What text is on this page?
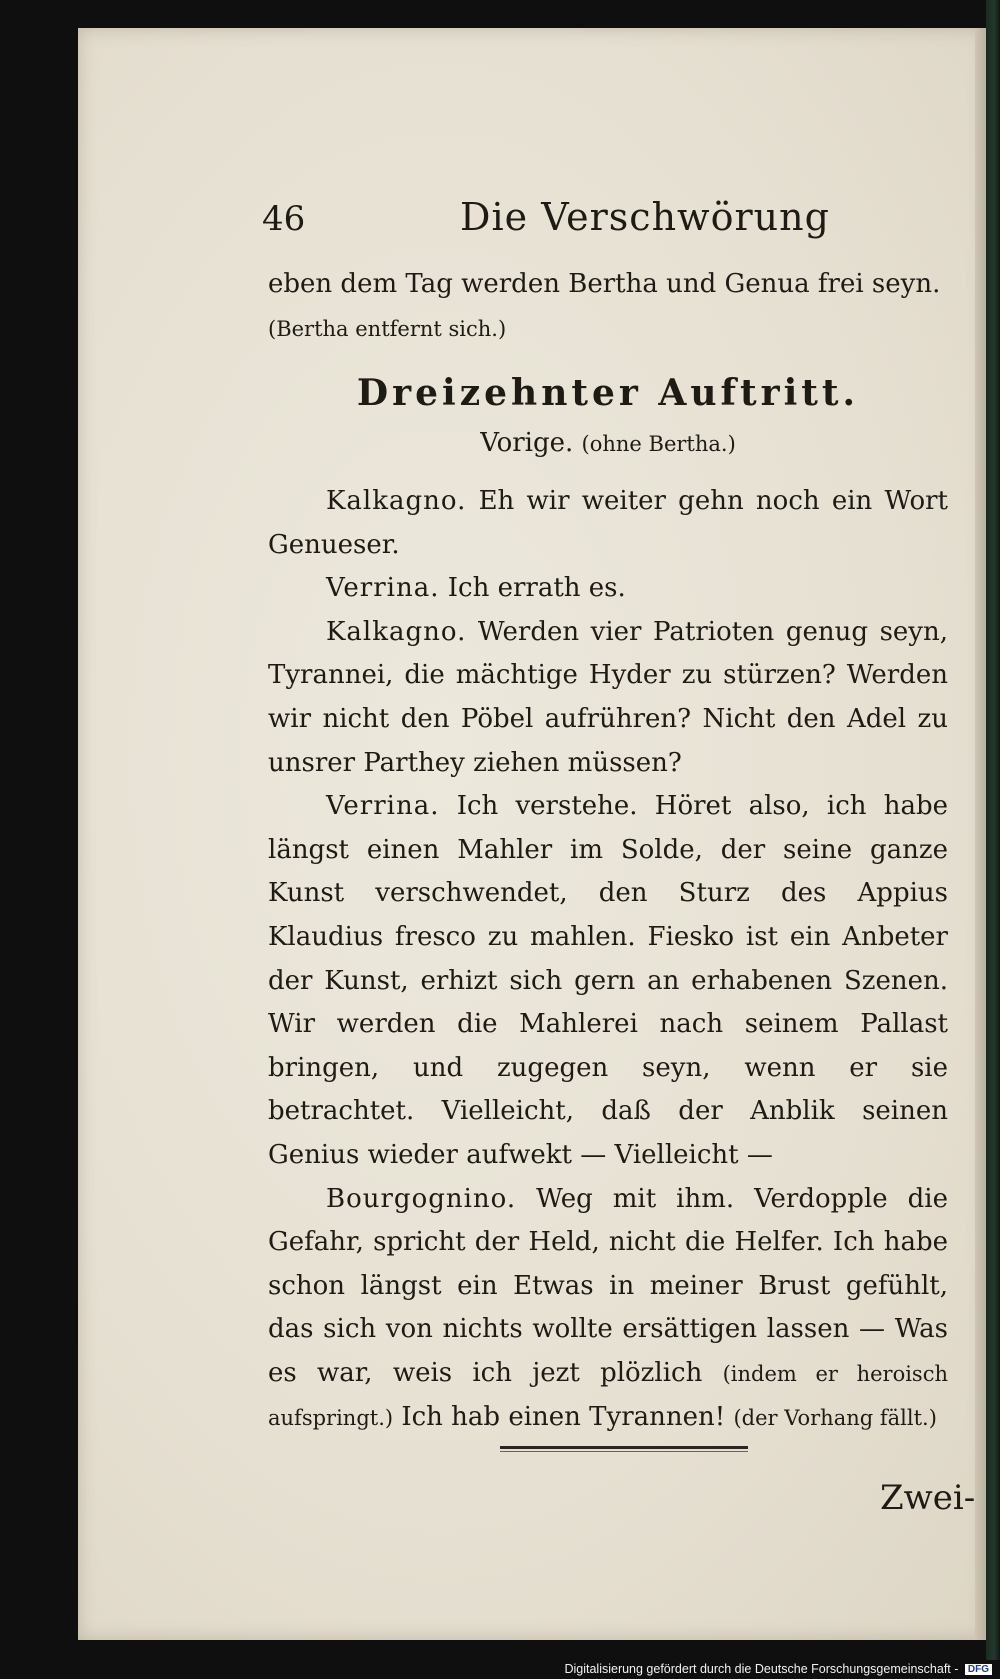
46	Die Verschwörung

eben dem Tag werden Bertha und Genua frei seyn.

(Bertha entfernt sich.)

Dreizehnter Auftritt.
Vorige. (ohne Bertha.)

Kalkagno. Eh wir weiter gehn noch ein Wort Genueser.

Verrina. Ich errath es.

Kalkagno. Werden vier Patrioten genug seyn, Tyrannei, die mächtige Hyder zu stürzen? Werden wir nicht den Pöbel aufrühren? Nicht den Adel zu unsrer Parthey ziehen müssen?

Verrina. Ich verstehe. Höret also, ich habe längst einen Mahler im Solde, der seine ganze Kunst verschwendet, den Sturz des Appius Klaudius fresco zu mahlen. Fiesko ist ein Anbeter der Kunst, erhizt sich gern an erhabenen Szenen. Wir werden die Mahlerei nach seinem Pallast bringen, und zugegen seyn, wenn er sie betrachtet. Vielleicht, daß der Anblik seinen Genius wieder aufwekt — Vielleicht —

Bourgognino. Weg mit ihm. Verdopple die Gefahr, spricht der Held, nicht die Helfer. Ich habe schon längst ein Etwas in meiner Brust gefühlt, das sich von nichts wollte ersättigen lassen — Was es war, weis ich jezt plözlich (indem er heroisch aufspringt.) Ich hab einen Tyrannen! (der Vorhang fällt.)

Zwei-
Digitalisierung gefördert durch die Deutsche Forschungsgemeinschaft - DFG
